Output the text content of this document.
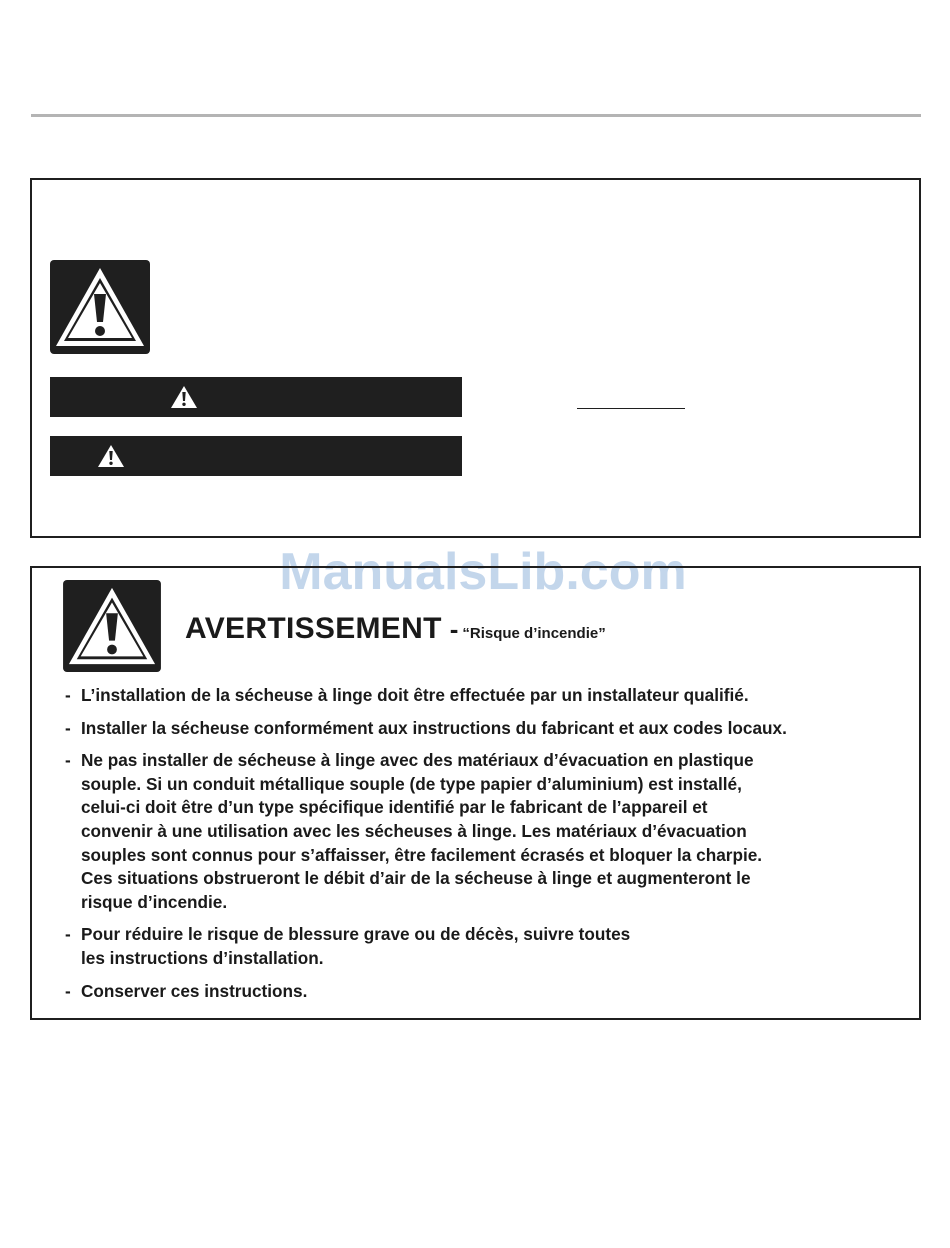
ManualsLib.com
AVERTISSEMENT - “Risque d’incendie”
- L’installation de la sécheuse à linge doit être effectuée par un installateur qualifié.
- Installer la sécheuse conformément aux instructions du fabricant et aux codes locaux.
- Ne pas installer de sécheuse à linge avec des matériaux d’évacuation en plastique
souple. Si un conduit métallique souple (de type papier d’aluminium) est installé,
celui-ci doit être d’un type spécifique identifié par le fabricant de l’appareil et
convenir à une utilisation avec les sécheuses à linge. Les matériaux d’évacuation
souples sont connus pour s’affaisser, être facilement écrasés et bloquer la charpie.
Ces situations obstrueront le débit d’air de la sécheuse à linge et augmenteront le
risque d’incendie.
- Pour réduire le risque de blessure grave ou de décès, suivre toutes
les instructions d’installation.
- Conserver ces instructions.
